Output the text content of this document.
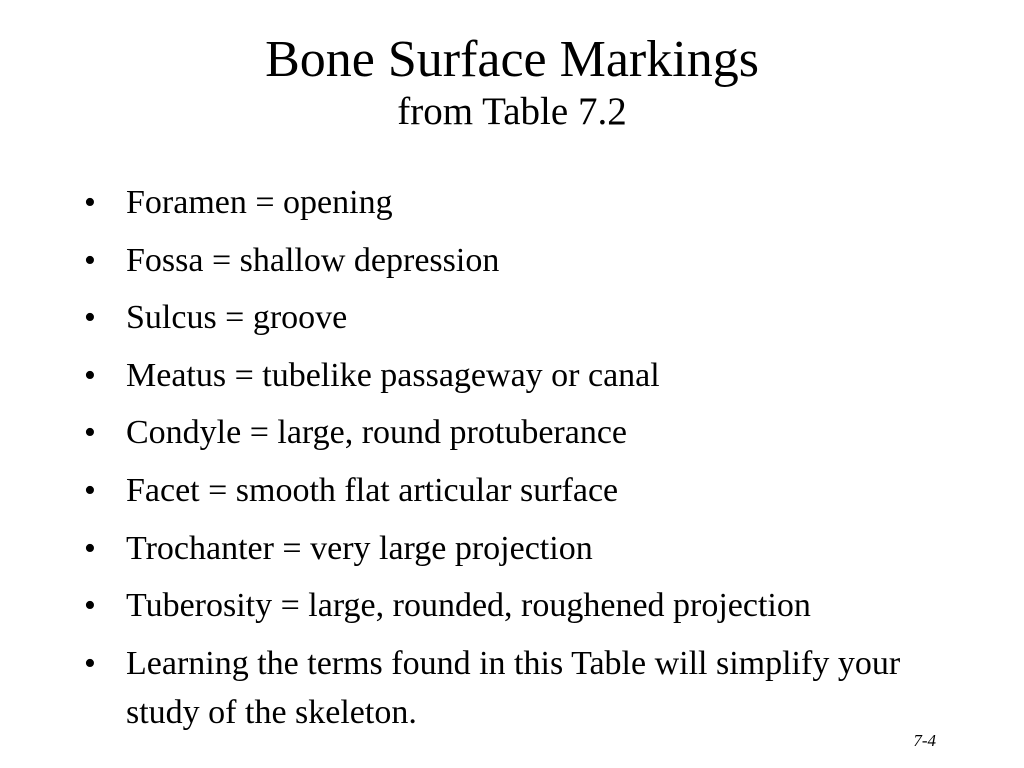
Bone Surface Markings
from Table 7.2
• Foramen = opening
• Fossa = shallow depression
• Sulcus = groove
• Meatus = tubelike passageway or canal
• Condyle = large, round protuberance
• Facet = smooth flat articular surface
• Trochanter = very large projection
• Tuberosity = large, rounded, roughened projection
• Learning the terms found in this Table will simplify your study of the skeleton.
7-4
